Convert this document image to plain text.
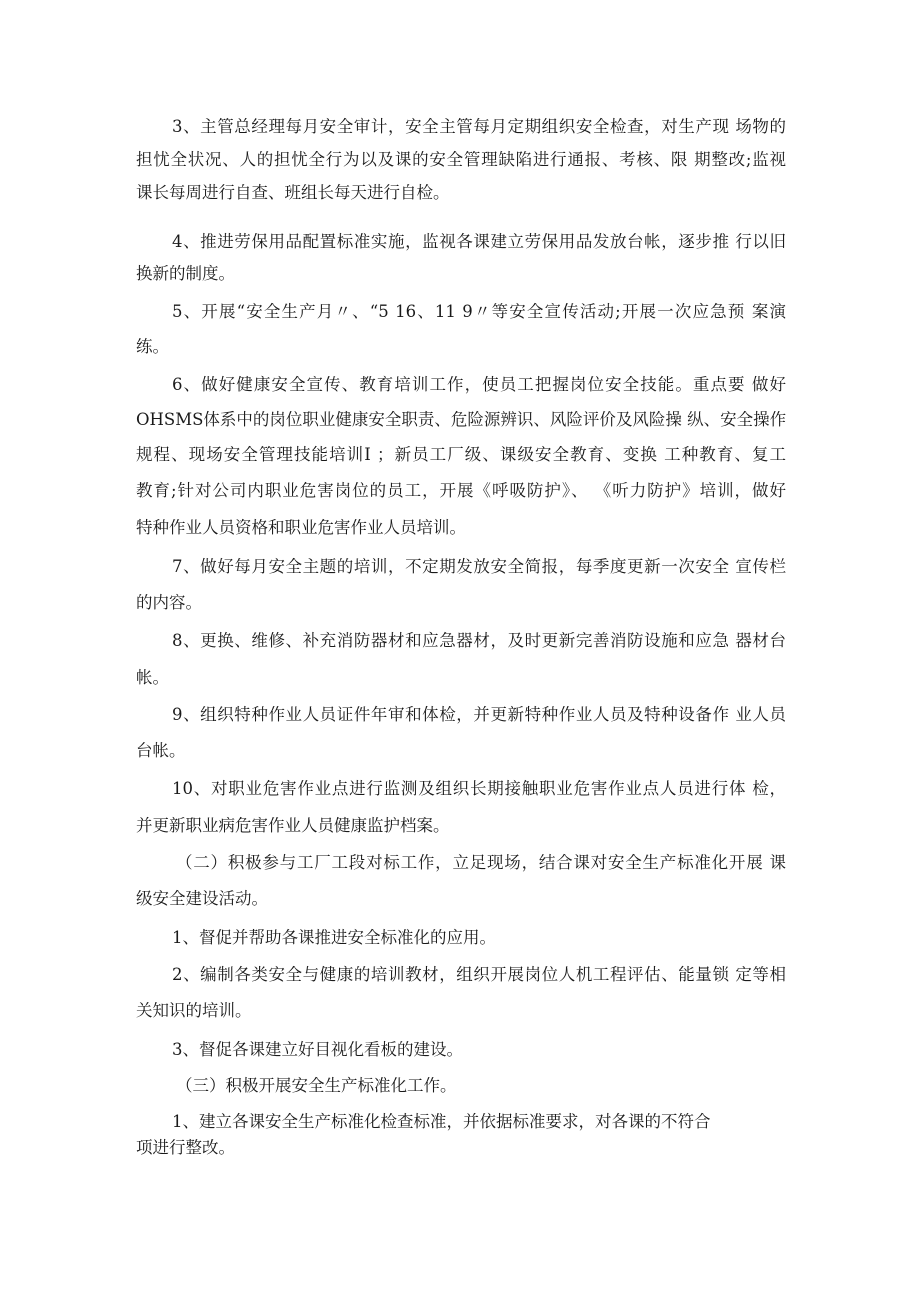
3、主管总经理每月安全审计，安全主管每月定期组织安全检查，对生产现 场物的
担忧全状况、人的担忧全行为以及课的安全管理缺陷进行通报、考核、限 期整改;监视
课长每周进行自查、班组长每天进行自检。
4、推进劳保用品配置标准实施，监视各课建立劳保用品发放台帐，逐步推 行以旧
换新的制度。
5、开展“安全生产月〃、“5 16、11 9〃等安全宣传活动;开展一次应急预 案演
练。
6、做好健康安全宣传、教育培训工作，使员工把握岗位安全技能。重点要 做好
OHSMS体系中的岗位职业健康安全职责、危险源辨识、风险评价及风险操 纵、安全操作
规程、现场安全管理技能培训I ；新员工厂级、课级安全教育、变换 工种教育、复工
教育;针对公司内职业危害岗位的员工，开展《呼吸防护》、 《听力防护》培训，做好
特种作业人员资格和职业危害作业人员培训。
7、做好每月安全主题的培训，不定期发放安全简报，每季度更新一次安全 宣传栏
的内容。
8、更换、维修、补充消防器材和应急器材，及时更新完善消防设施和应急 器材台
帐。
9、组织特种作业人员证件年审和体检，并更新特种作业人员及特种设备作 业人员
台帐。
10、对职业危害作业点进行监测及组织长期接触职业危害作业点人员进行体 检，
并更新职业病危害作业人员健康监护档案。
（二）积极参与工厂工段对标工作，立足现场，结合课对安全生产标准化开展 课
级安全建设活动。
1、督促并帮助各课推进安全标准化的应用。
2、编制各类安全与健康的培训教材，组织开展岗位人机工程评估、能量锁 定等相
关知识的培训。
3、督促各课建立好目视化看板的建设。
（三）积极开展安全生产标准化工作。
1、建立各课安全生产标准化检查标准，并依据标准要求，对各课的不符合
项进行整改。
